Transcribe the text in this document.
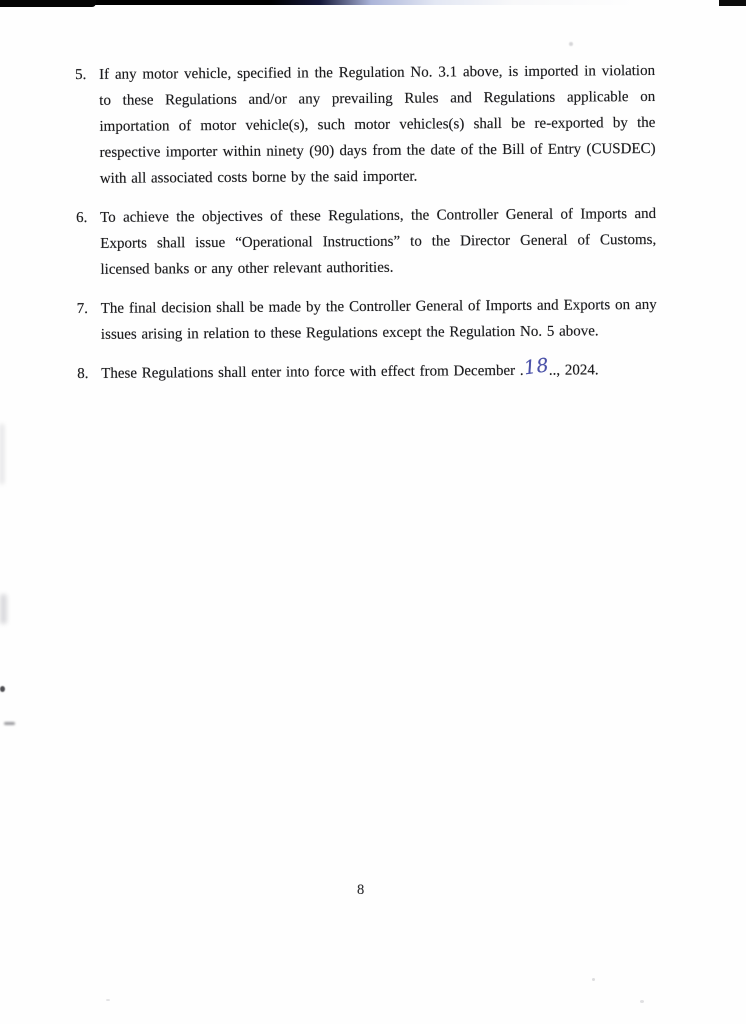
5. If any motor vehicle, specified in the Regulation No. 3.1 above, is imported in violation to these Regulations and/or any prevailing Rules and Regulations applicable on importation of motor vehicle(s), such motor vehicles(s) shall be re-exported by the respective importer within ninety (90) days from the date of the Bill of Entry (CUSDEC) with all associated costs borne by the said importer.

6. To achieve the objectives of these Regulations, the Controller General of Imports and Exports shall issue “Operational Instructions” to the Director General of Customs, licensed banks or any other relevant authorities.

7. The final decision shall be made by the Controller General of Imports and Exports on any issues arising in relation to these Regulations except the Regulation No. 5 above.

8. These Regulations shall enter into force with effect from December .18.., 2024.

8
